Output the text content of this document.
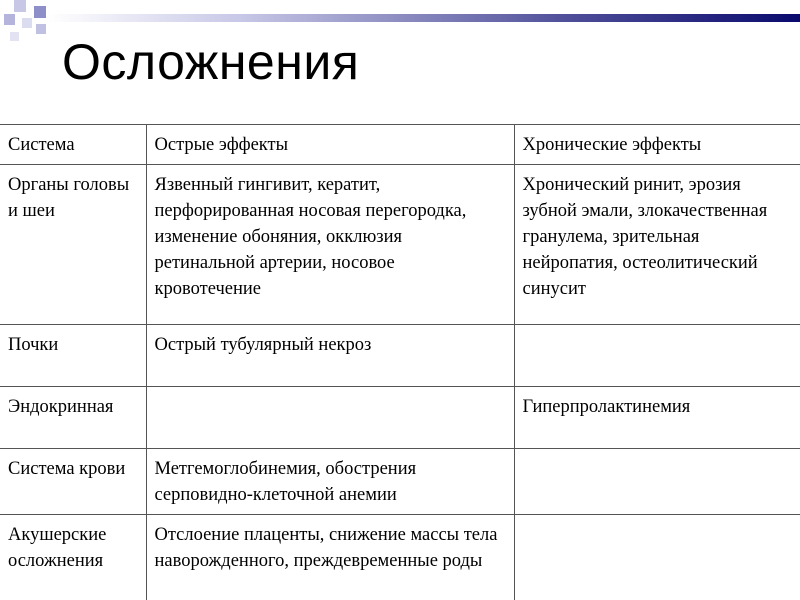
Осложнения
Система	Острые эффекты	Хронические эффекты
Органы головы и шеи	Язвенный гингивит, кератит, перфорированная носовая перегородка, изменение обоняния, окклюзия ретинальной артерии, носовое кровотечение	Хронический ринит, эрозия зубной эмали, злокачественная гранулема, зрительная нейропатия, остеолитический синусит
Почки	Острый тубулярный некроз	
Эндокринная		Гиперпролактинемия
Система крови	Метгемоглобинемия, обострения серповидно-клеточной анемии	
Акушерские осложнения	Отслоение плаценты, снижение массы тела наворожденного, преждевременные роды	
